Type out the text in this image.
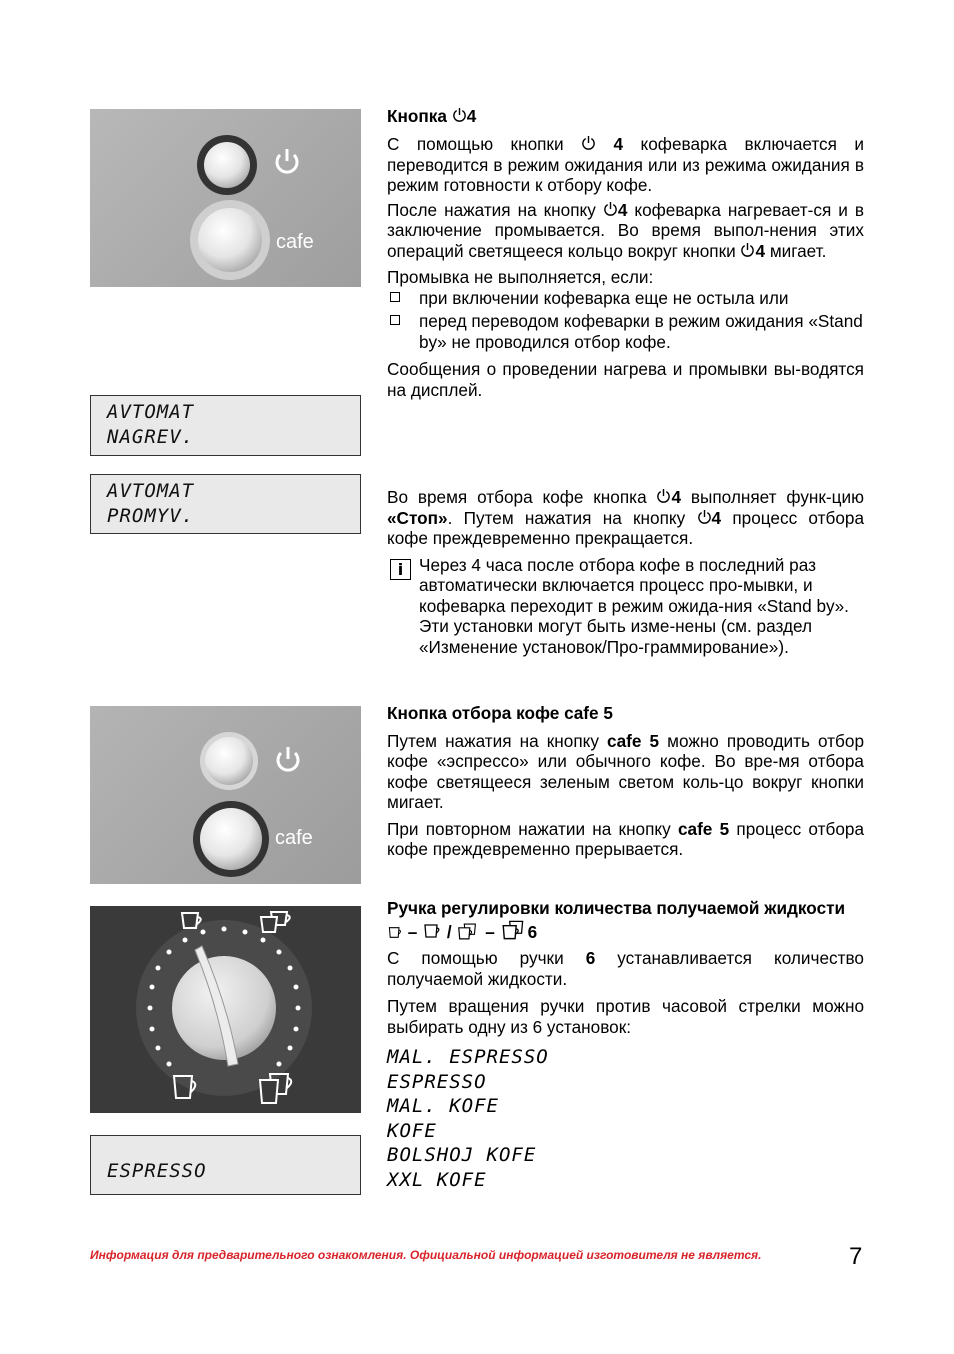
cafe
cafe
AVTOMAT
NAGREV.
AVTOMAT
PROMYV.
ESPRESSO

Кнопка 4

С помощью кнопки	4 кофеварка включается и переводится в режим ожидания или из режима ожидания в режим готовности к отбору кофе.

После нажатия на кнопку 4 кофеварка нагревает-ся и в заключение промывается. Во время выпол-нения этих операций светящееся кольцо вокруг кнопки 4 мигает.

Промывка не выполняется, если:

при включении кофеварка еще не остыла или

перед переводом кофеварки в режим ожидания «Stand by» не проводился отбор кофе.

Сообщения о проведении нагрева и промывки вы-водятся на дисплей.

Во время отбора кофе кнопка 4 выполняет функ-цию «Стоп». Путем нажатия на кнопку 4 процесс отбора кофе преждевременно прекращается.

i Через 4 часа после отбора кофе в последний раз автоматически включается процесс про-мывки, и кофеварка переходит в режим ожида-ния «Stand by». Эти установки могут быть изме-нены (см. раздел «Изменение установок/Про-граммирование»).

Кнопка отбора кофе cafe 5

Путем нажатия на кнопку cafe 5 можно проводить отбор кофе «эспрессо» или обычного кофе. Во вре-мя отбора кофе светящееся зеленым светом коль-цо вокруг кнопки мигает.

При повторном нажатии на кнопку cafe 5 процесс отбора кофе преждевременно прерывается.

Ручка регулировки количества получаемой жидкости  – / – 6

С помощью ручки 6 устанавливается количество получаемой жидкости.

Путем вращения ручки против часовой стрелки можно выбирать одну из 6 установок:

MAL. ESPRESSO

ESPRESSO

MAL. KOFE

KOFE

BOLSHOJ KOFE

XXL KOFE

Информация для предварительного ознакомления. Официальной информацией изготовителя не является.	7
